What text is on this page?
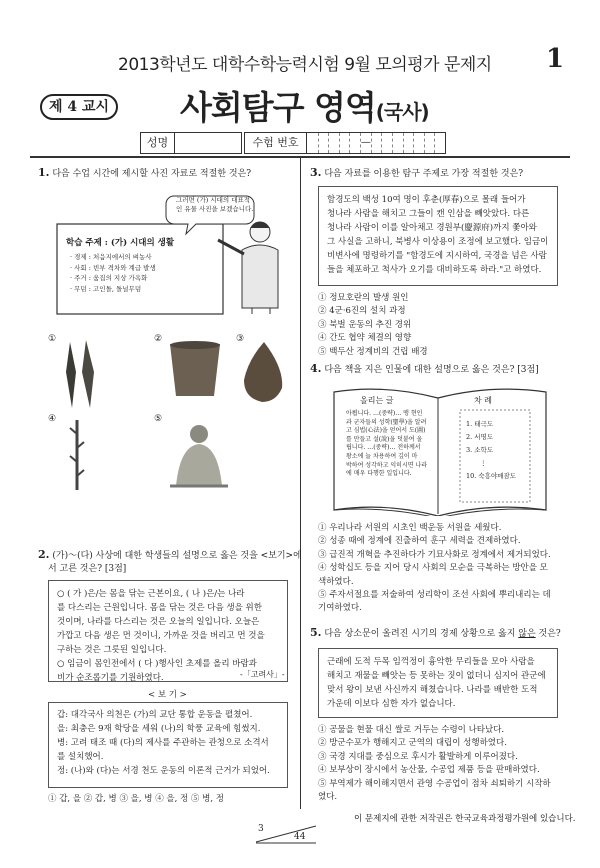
2013학년도 대학수학능력시험 9월 모의평가 문제지 1
제 4 교시 사회탐구 영역(국사)
성명	수험 번호	—
1. 다음 수업 시간에 제시할 사진 자료로 적절한 것은?
그러면 (가) 시대의 대표적인 유물 사진을 보겠습니다.
학습 주제 : (가) 시대의 생활
· 경제 : 처음지에서의 벼농사
· 사회 : 빈부 격차와 계급 발생
· 주거 : 움집의 지상 가옥화
· 무덤 : 고인돌, 돌널무덤
①	②	③
④	⑤
2. (가)～(다) 사상에 대한 학생들의 설명으로 옳은 것을 <보기>에
서 고른 것은? [3점]
○ ( 가 )은/는 몸을 닦는 근본이요, ( 나 )은/는 나라
를 다스리는 근원입니다. 몸을 닦는 것은 다음 생을 위한
것이며, 나라를 다스리는 것은 오늘의 일입니다. 오늘은
가깝고 다음 생은 먼 것이니, 가까운 것을 버리고 먼 것을
구하는 것은 그릇된 일입니다.
○ 임금이 몸인전에서 ( 다 )행사인 초제를 올리 바람과
비가 순조롭기를 기원하였다.	-「고려사」-
< 보 기 >
갑: 대각국사 의천은 (가)의 교단 통합 운동을 펼쳤어.
을: 최충은 9재 학당을 세워 (나)의 학풍 교육에 힘썼지.
병: 고려 태조 때 (다)의 제사를 주관하는 관청으로 소격서
를 설치했어.
정: (나)와 (다)는 서경 천도 운동의 이론적 근거가 되었어.
① 갑, 을 ② 갑, 병 ③ 을, 병 ④ 을, 정 ⑤ 병, 정
3. 다음 자료를 이용한 탐구 주제로 가장 적절한 것은?
함경도의 백성 10여 명이 후춘(厚春)으로 몰래 들어가
청나라 사람을 해치고 그들이 캔 인삼을 빼앗았다. 다른
청나라 사람이 이를 알아채고 경원부(慶源府)까지 쫓아와
그 사실을 고하니, 북병사 이상용이 조정에 보고했다. 임금이
비변사에 명령하기를 "함경도에 지시하여, 국경을 넘은 사람
들을 체포하고 척사가 오기를 대비하도록 하라."고 하였다.
① 정묘호란의 발생 원인
② 4군·6진의 설치 과정
③ 북벌 운동의 추진 경위
④ 간도 협약 체결의 영향
⑤ 백두산 정계비의 건립 배경
4. 다음 책을 지은 인물에 대한 설명으로 옳은 것은? [3점]
올리는 글
아룁니다. …(중략)… 맹 현인
과 군자들의 성학(聖學)을 알려
고 심법(心法)을 얻어서 도(圖)
를 만들고 설(說)을 덧붙여 올
립니다. …(중략)… 전하께서
왕소에 늘 차용하여 깊이 마
박하여 성각하고 익히시면 나라
에 매우 다행한 일입니다.
차 례
1. 태극도
2. 서명도
3. 소학도
⋮
10. 숙흥야매잠도
① 우리나라 서원의 시초인 백운동 서원을 세웠다.
② 성종 때에 정계에 진출하여 훈구 세력을 견제하였다.
③ 급진적 개혁을 추진하다가 기묘사화로 정계에서 제거되었다.
④ 성학십도 등을 지어 당시 사회의 모순을 극복하는 방안을 모
색하였다.
⑤ 주자서절요를 저술하여 성리학이 조선 사회에 뿌리내리는 데
기여하였다.
5. 다음 상소문이 올려진 시기의 경제 상황으로 옳지 않은 것은?
근래에 도적 두목 임꺽정이 흉악한 무리들을 모아 사람을
해치고 재물을 빼앗는 등 못하는 짓이 없더니 심지어 관군에
맞서 왕이 보낸 사신까지 해쳤습니다. 나라를 배반한 도적
가운데 이보다 심한 자가 없습니다.
① 공물을 현물 대신 쌀로 거두는 수령이 나타났다.
② 방군수포가 행해지고 군역의 대립이 성행하였다.
③ 국경 지대를 중심으로 후시가 활발하게 이루어졌다.
④ 보부상이 장시에서 농산물, 수공업 제품 등을 판매하였다.
⑤ 부역제가 해이해지면서 관영 수공업이 점차 쇠퇴하기 시작하
였다.
3
44
이 문제지에 관한 저작권은 한국교육과정평가원에 있습니다.
